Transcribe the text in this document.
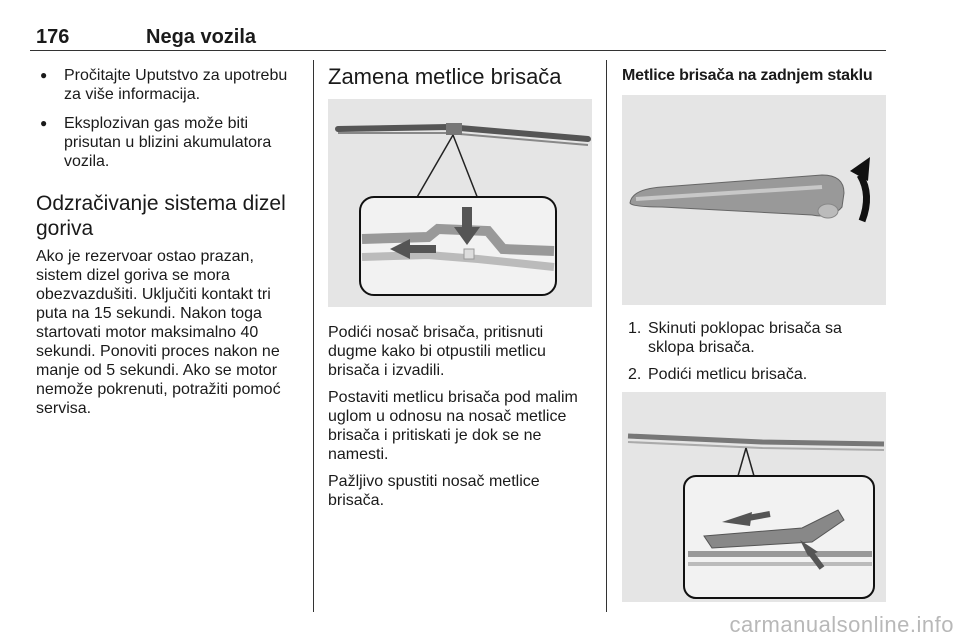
176	Nega vozila
● Pročitajte Uputstvo za upotrebu za više informacija.
● Eksplozivan gas može biti prisutan u blizini akumulatora vozila.
Odzračivanje sistema dizel goriva

Ako je rezervoar ostao prazan, sistem dizel goriva se mora obezvazdušiti. Uključiti kontakt tri puta na 15 sekundi. Nakon toga startovati motor maksimalno 40 sekundi. Ponoviti proces nakon ne manje od 5 sekundi. Ako se motor nemože pokrenuti, potražiti pomoć servisa.

Zamena metlice brisača

Podići nosač brisača, pritisnuti dugme kako bi otpustili metlicu brisača i izvadili.

Postaviti metlicu brisača pod malim uglom u odnosu na nosač metlice brisača i pritiskati je dok se ne namesti.

Pažljivo spustiti nosač metlice brisača.

Metlice brisača na zadnjem staklu
1. Skinuti poklopac brisača sa sklopa brisača.
2. Podići metlicu brisača.
carmanualsonline.info
